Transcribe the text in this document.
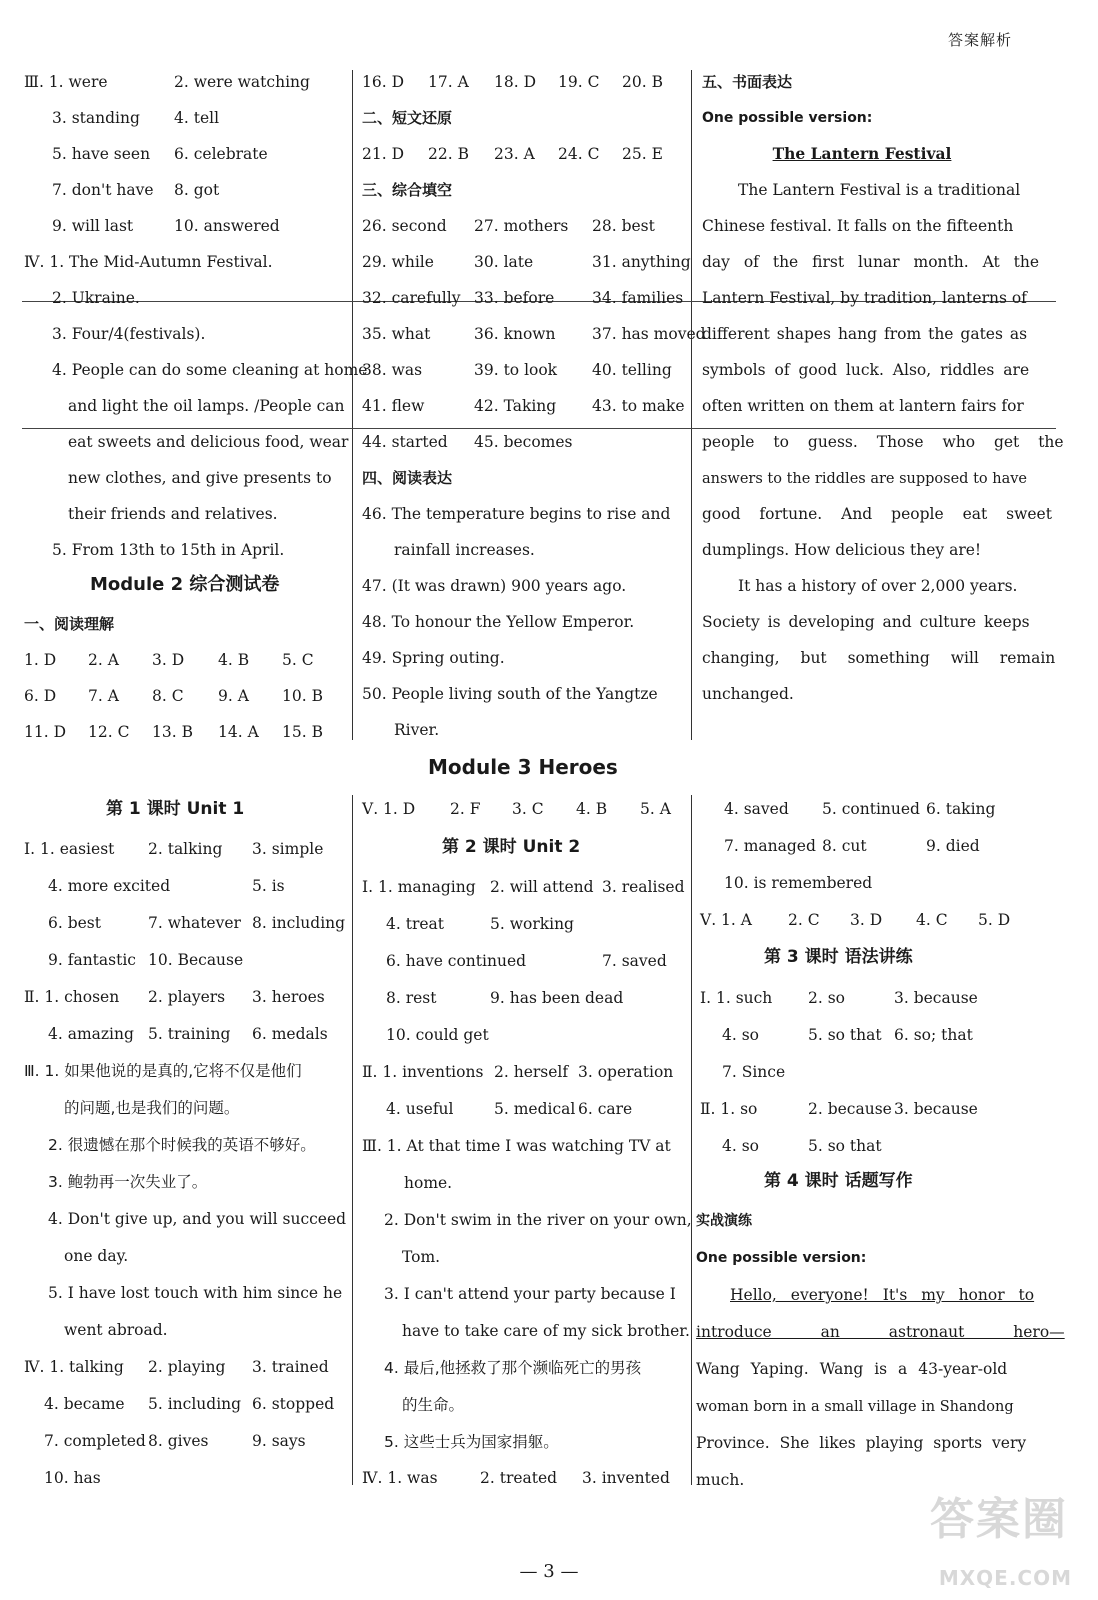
答案解析
Ⅲ. 1. were	2. were watching
3. standing 4. tell
5. have seen 6. celebrate
7. don't have 8. got
9. will last	10. answered
Ⅳ. 1. The Mid-Autumn Festival.
2. Ukraine.
3. Four/4(festivals).
4. People can do some cleaning at home
and light the oil lamps. /People can
eat sweets and delicious food, wear
new clothes, and give presents to
their friends and relatives.
5. From 13th to 15th in April.
Module 2 综合测试卷
一、阅读理解
1. D 2. A 3. D 4. B 5. C
6. D 7. A 8. C 9. A 10. B
11. D 12. C 13. B 14. A 15. B
16. D 17. A 18. D 19. C 20. B
二、短文还原
21. D 22. B 23. A 24. C 25. E
三、综合填空
26. second 27. mothers 28. best
29. while	30. late	31. anything
32. carefully 33. before 34. families
35. what	36. known 37. has moved
38. was	39. to look 40. telling
41. flew	42. Taking 43. to make
44. started 45. becomes
四、阅读表达
46. The temperature begins to rise and
rainfall increases.
47. (It was drawn) 900 years ago.
48. To honour the Yellow Emperor.
49. Spring outing.
50. People living south of the Yangtze
River.
五、书面表达
One possible version:
The Lantern Festival
The Lantern Festival is a traditional
Chinese festival. It falls on the fifteenth
day of the first lunar month. At the
Lantern Festival, by tradition, lanterns of
different shapes hang from the gates as
symbols of good luck. Also, riddles are
often written on them at lantern fairs for
people to guess. Those who get the
answers to the riddles are supposed to have
good fortune. And people eat sweet
dumplings. How delicious they are!
It has a history of over 2,000 years.
Society is developing and culture keeps
changing, but something will remain
unchanged.
Module 3 Heroes
第 1 课时 Unit 1
Ⅰ. 1. easiest 2. talking 3. simple
4. more excited	5. is
6. best	7. whatever 8. including
9. fantastic 10. Because
Ⅱ. 1. chosen 2. players 3. heroes
4. amazing 5. training 6. medals
Ⅲ. 1. 如果他说的是真的,它将不仅是他们
的问题,也是我们的问题。
2. 很遗憾在那个时候我的英语不够好。
3. 鲍勃再一次失业了。
4. Don't give up, and you will succeed
one day.
5. I have lost touch with him since he
went abroad.
Ⅳ. 1. talking 2. playing 3. trained
4. became 5. including 6. stopped
7. completed 8. gives	9. says
10. has
Ⅴ. 1. D 2. F 3. C 4. B 5. A
第 2 课时 Unit 2
Ⅰ. 1. managing 2. will attend 3. realised
4. treat	5. working
6. have continued	7. saved
8. rest	9. has been dead
10. could get
Ⅱ. 1. inventions 2. herself 3. operation
4. useful	5. medical 6. care
Ⅲ. 1. At that time I was watching TV at
home.
2. Don't swim in the river on your own,
Tom.
3. I can't attend your party because I
have to take care of my sick brother.
4. 最后,他拯救了那个濒临死亡的男孩
的生命。
5. 这些士兵为国家捐躯。
Ⅳ. 1. was	2. treated 3. invented
4. saved 5. continued 6. taking
7. managed 8. cut	9. died
10. is remembered
Ⅴ. 1. A 2. C 3. D 4. C 5. D
第 3 课时 语法讲练
Ⅰ. 1. such 2. so	3. because
4. so	5. so that 6. so; that
7. Since
Ⅱ. 1. so	2. because 3. because
4. so	5. so that
第 4 课时 话题写作
实战演练
One possible version:
Hello, everyone! It's my honor to
introduce an astronaut hero—
Wang Yaping. Wang is a 43-year-old
woman born in a small village in Shandong
Province. She likes playing sports very
much.
— 3 —
答案圈
MXQE.COM
